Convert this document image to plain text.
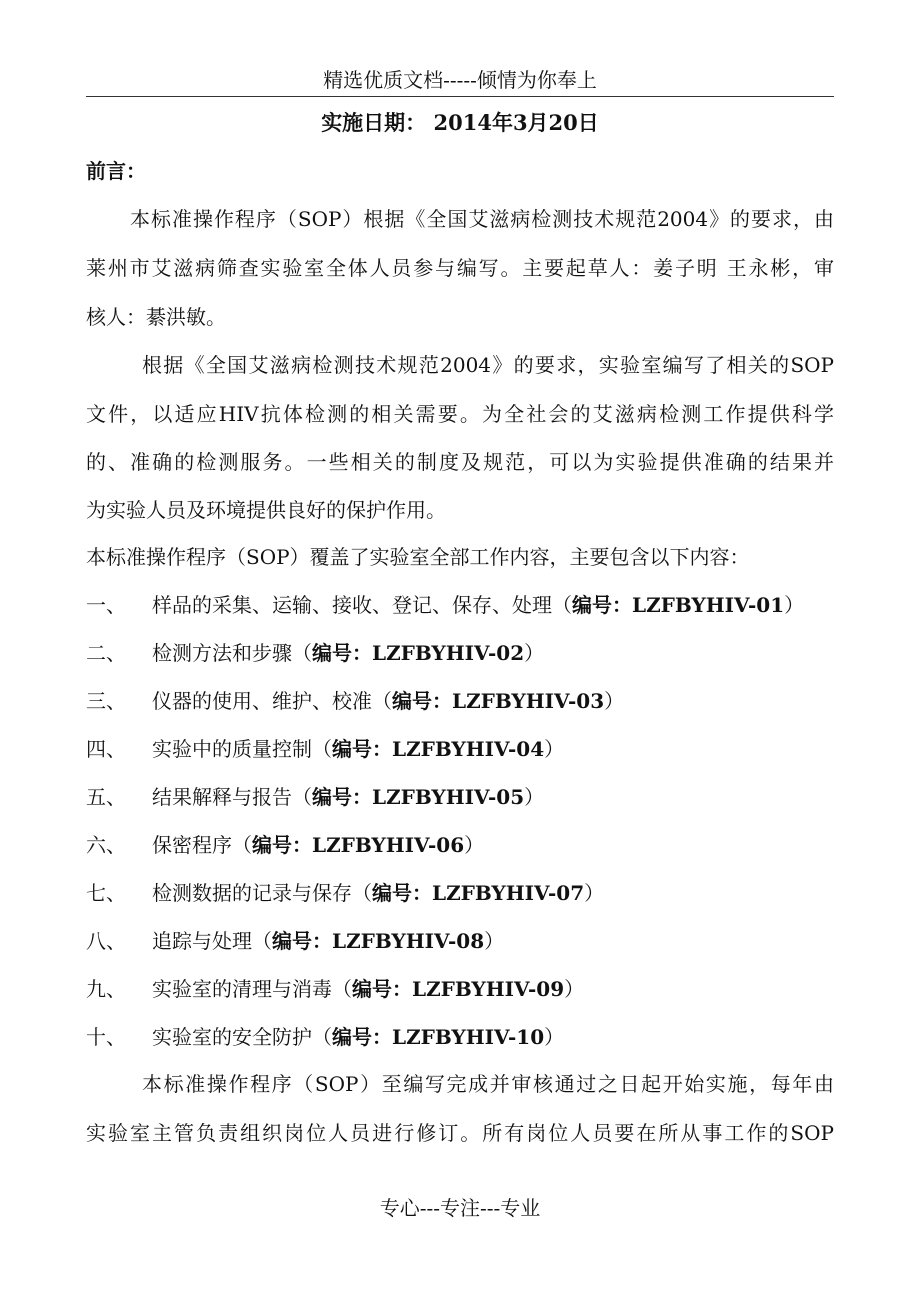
精选优质文档-----倾情为你奉上
实施日期： 2014年3月20日
前言：
本标准操作程序（SOP）根据《全国艾滋病检测技术规范2004》的要求，由
莱州市艾滋病筛查实验室全体人员参与编写。主要起草人：姜子明 王永彬，审
核人：綦洪敏。
根据《全国艾滋病检测技术规范2004》的要求，实验室编写了相关的SOP
文件，以适应HIV抗体检测的相关需要。为全社会的艾滋病检测工作提供科学
的、准确的检测服务。一些相关的制度及规范，可以为实验提供准确的结果并
为实验人员及环境提供良好的保护作用。
本标准操作程序（SOP）覆盖了实验室全部工作内容，主要包含以下内容：
一、 样品的采集、运输、接收、登记、保存、处理（编号：LZFBYHIV-01）
二、 检测方法和步骤（编号：LZFBYHIV-02）
三、 仪器的使用、维护、校准（编号：LZFBYHIV-03）
四、 实验中的质量控制（编号：LZFBYHIV-04）
五、 结果解释与报告（编号：LZFBYHIV-05）
六、 保密程序（编号：LZFBYHIV-06）
七、 检测数据的记录与保存（编号：LZFBYHIV-07）
八、 追踪与处理（编号：LZFBYHIV-08）
九、 实验室的清理与消毒（编号：LZFBYHIV-09）
十、 实验室的安全防护（编号：LZFBYHIV-10）
本标准操作程序（SOP）至编写完成并审核通过之日起开始实施，每年由
实验室主管负责组织岗位人员进行修订。所有岗位人员要在所从事工作的SOP
专心---专注---专业
